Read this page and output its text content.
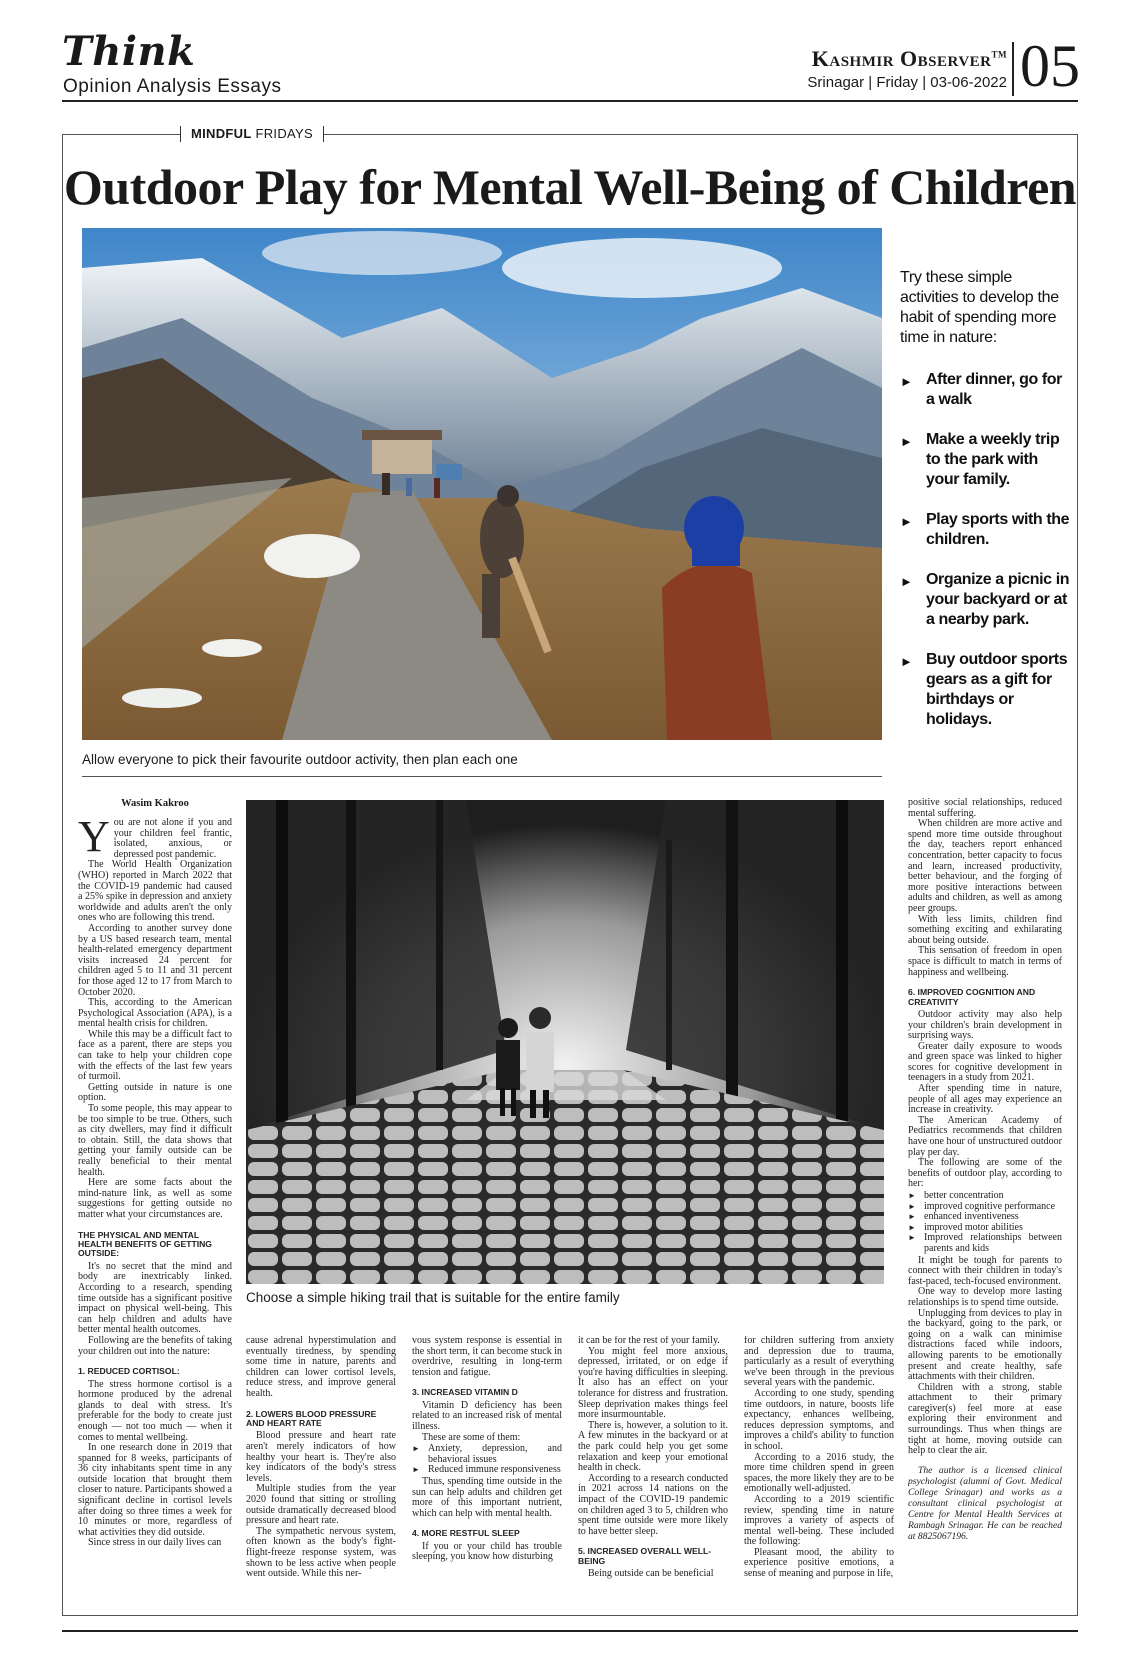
Think
Opinion Analysis Essays
Kashmir Observer™
Srinagar | Friday | 03-06-2022 05
MINDFUL FRIDAYS
Outdoor Play for Mental Well-Being of Children
Allow everyone to pick their favourite outdoor activity, then plan each one
Try these simple activities to develop the habit of spending more time in nature:
► After dinner, go for a walk
► Make a weekly trip to the park with your family.
► Play sports with the children.
► Organize a picnic in your backyard or at a nearby park.
► Buy outdoor sports gears as a gift for birthdays or holidays.
Wasim Kakroo
Choose a simple hiking trail that is suitable for the entire family

You are not alone if you and your children feel frantic, isolated, anxious, or depressed post pandemic.

The World Health Organization (WHO) reported in March 2022 that the COVID-19 pandemic had caused a 25% spike in depression and anxiety worldwide and adults aren't the only ones who are following this trend.

According to another survey done by a US based research team, mental health-related emergency department visits increased 24 percent for children aged 5 to 11 and 31 percent for those aged 12 to 17 from March to October 2020.

This, according to the American Psychological Association (APA), is a mental health crisis for children.

While this may be a difficult fact to face as a parent, there are steps you can take to help your children cope with the effects of the last few years of turmoil.

Getting outside in nature is one option.

To some people, this may appear to be too simple to be true. Others, such as city dwellers, may find it difficult to obtain. Still, the data shows that getting your family outside can be really beneficial to their mental health.

Here are some facts about the mind-nature link, as well as some suggestions for getting outside no matter what your circumstances are.

THE PHYSICAL AND MENTAL HEALTH BENEFITS OF GETTING OUTSIDE:

It's no secret that the mind and body are inextricably linked. According to a research, spending time outside has a significant positive impact on physical well-being. This can help children and adults have better mental health outcomes.

Following are the benefits of taking your children out into the nature:

1. REDUCED CORTISOL:

The stress hormone cortisol is a hormone produced by the adrenal glands to deal with stress. It's preferable for the body to create just enough — not too much — when it comes to mental wellbeing.

In one research done in 2019 that spanned for 8 weeks, participants of 36 city inhabitants spent time in any outside location that brought them closer to nature. Participants showed a significant decline in cortisol levels after doing so three times a week for 10 minutes or more, regardless of what activities they did outside.

Since stress in our daily lives can

cause adrenal hyperstimulation and eventually tiredness, by spending some time in nature, parents and children can lower cortisol levels, reduce stress, and improve general health.

2. LOWERS BLOOD PRESSURE AND HEART RATE

Blood pressure and heart rate aren't merely indicators of how healthy your heart is. They're also key indicators of the body's stress levels.

Multiple studies from the year 2020 found that sitting or strolling outside dramatically decreased blood pressure and heart rate.

The sympathetic nervous system, often known as the body's fight-flight-freeze response system, was shown to be less active when people went outside. While this ner-

vous system response is essential in the short term, it can become stuck in overdrive, resulting in long-term tension and fatigue.

3. INCREASED VITAMIN D

Vitamin D deficiency has been related to an increased risk of mental illness.

These are some of them:

► Anxiety, depression, and behavioral issues
► Reduced immune responsiveness

Thus, spending time outside in the sun can help adults and children get more of this important nutrient, which can help with mental health.

4. MORE RESTFUL SLEEP

If you or your child has trouble sleeping, you know how disturbing

it can be for the rest of your family.

You might feel more anxious, depressed, irritated, or on edge if you're having difficulties in sleeping. It also has an effect on your tolerance for distress and frustration. Sleep deprivation makes things feel more insurmountable.

There is, however, a solution to it. A few minutes in the backyard or at the park could help you get some relaxation and keep your emotional health in check.

According to a research conducted in 2021 across 14 nations on the impact of the COVID-19 pandemic on children aged 3 to 5, children who spent time outside were more likely to have better sleep.

5. INCREASED OVERALL WELL-BEING

Being outside can be beneficial

for children suffering from anxiety and depression due to trauma, particularly as a result of everything we've been through in the previous several years with the pandemic.

According to one study, spending time outdoors, in nature, boosts life expectancy, enhances wellbeing, reduces depression symptoms, and improves a child's ability to function in school.

According to a 2016 study, the more time children spend in green spaces, the more likely they are to be emotionally well-adjusted.

According to a 2019 scientific review, spending time in nature improves a variety of aspects of mental well-being. These included the following:

Pleasant mood, the ability to experience positive emotions, a sense of meaning and purpose in life,

positive social relationships, reduced mental suffering.

When children are more active and spend more time outside throughout the day, teachers report enhanced concentration, better capacity to focus and learn, increased productivity, better behaviour, and the forging of more positive interactions between adults and children, as well as among peer groups.

With less limits, children find something exciting and exhilarating about being outside.

This sensation of freedom in open space is difficult to match in terms of happiness and wellbeing.

6. IMPROVED COGNITION AND CREATIVITY

Outdoor activity may also help your children's brain development in surprising ways.

Greater daily exposure to woods and green space was linked to higher scores for cognitive development in teenagers in a study from 2021.

After spending time in nature, people of all ages may experience an increase in creativity.

The American Academy of Pediatrics recommends that children have one hour of unstructured outdoor play per day.

The following are some of the benefits of outdoor play, according to her:

► better concentration
► improved cognitive performance
► enhanced inventiveness
► improved motor abilities
► Improved relationships between parents and kids

It might be tough for parents to connect with their children in today's fast-paced, tech-focused environment.

One way to develop more lasting relationships is to spend time outside.

Unplugging from devices to play in the backyard, going to the park, or going on a walk can minimise distractions faced while indoors, allowing parents to be emotionally present and create healthy, safe attachments with their children.

Children with a strong, stable attachment to their primary caregiver(s) feel more at ease exploring their environment and surroundings. Thus when things are tight at home, moving outside can help to clear the air.

The author is a licensed clinical psychologist (alumni of Govt. Medical College Srinagar) and works as a consultant clinical psychologist at Centre for Mental Health Services at Rambagh Srinagar. He can be reached at 8825067196.
